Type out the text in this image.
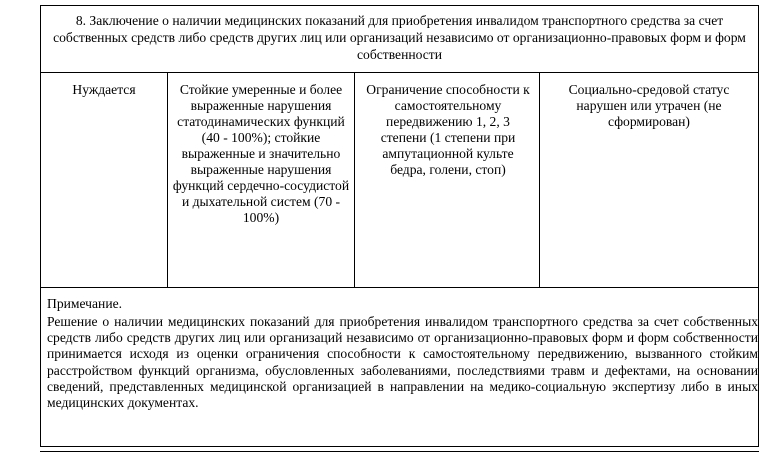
8. Заключение о наличии медицинских показаний для приобретения инвалидом транспортного средства за счет собственных средств либо средств других лиц или организаций независимо от организационно-правовых форм и форм собственности
Нуждается	Стойкие умеренные и более выраженные нарушения статодинамических функций (40 - 100%); стойкие выраженные и значительно выраженные нарушения функций сердечно-сосудистой и дыхательной систем (70 - 100%)
Ограничение способности к самостоятельному передвижению 1, 2, 3 степени (1 степени при ампутационной культе бедра, голени, стоп)
Социально-средовой статус нарушен или утрачен (не сформирован)
Примечание.
Решение о наличии медицинских показаний для приобретения инвалидом транспортного средства за счет собственных средств либо средств других лиц или организаций независимо от организационно-правовых форм и форм собственности принимается исходя из оценки ограничения способности к самостоятельному передвижению, вызванного стойким расстройством функций организма, обусловленных заболеваниями, последствиями травм и дефектами, на основании сведений, представленных медицинской организацией в направлении на медико-социальную экспертизу либо в иных медицинских документах.
